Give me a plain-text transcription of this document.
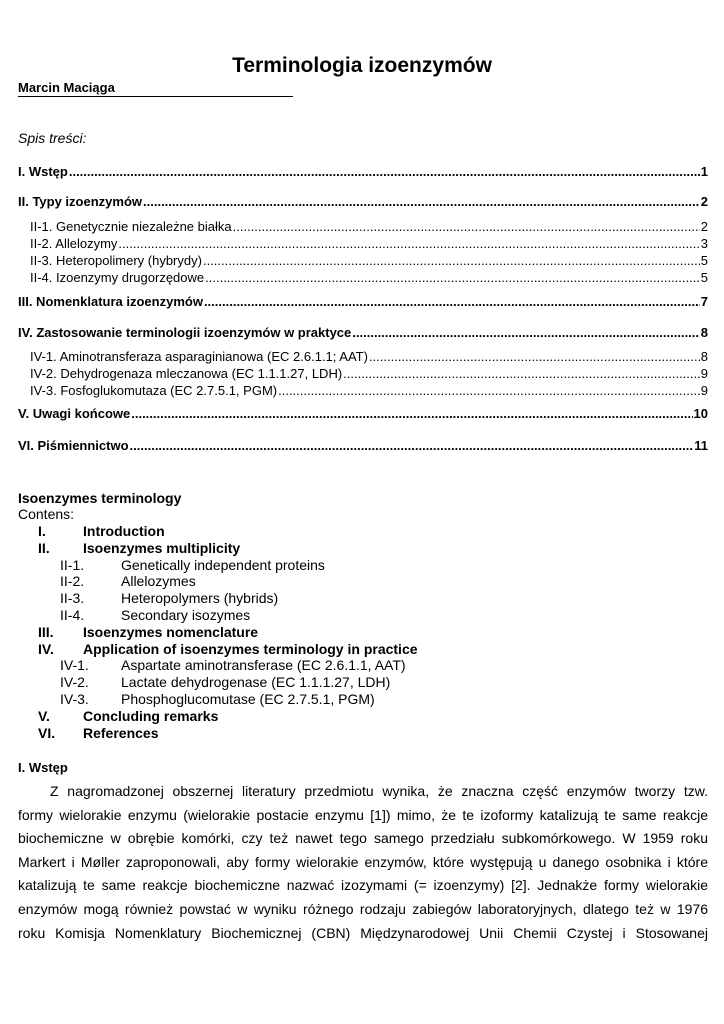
Terminologia izoenzymów
Marcin Maciąga
Spis treści:
I. Wstęp .....	1
II. Typy izoenzymów .....	2
II-1. Genetycznie niezależne białka .....	2
II-2. Allelozymy .....	3
II-3. Heteropolimery (hybrydy) .....	5
II-4. Izoenzymy drugorzędowe .....	5
III. Nomenklatura izoenzymów .....	7
IV. Zastosowanie terminologii izoenzymów w praktyce .....	8
IV-1. Aminotransferaza asparaginianowa (EC 2.6.1.1; AAT) .....	8
IV-2. Dehydrogenaza mleczanowa (EC 1.1.1.27, LDH) .....	9
IV-3. Fosfoglukomutaza (EC 2.7.5.1, PGM) .....	9
V. Uwagi końcowe .....	10
VI. Piśmiennictwo .....	11
Isoenzymes terminology
Contens:
I.	Introduction
II. Isoenzymes multiplicity
II-1.	Genetically independent proteins
II-2.	Allelozymes
II-3.	Heteropolymers (hybrids)
II-4.	Secondary isozymes
III. Isoenzymes nomenclature
IV. Application of isoenzymes terminology in practice
IV-1. Aspartate aminotransferase (EC 2.6.1.1, AAT)
IV-2. Lactate dehydrogenase (EC 1.1.1.27, LDH)
IV-3. Phosphoglucomutase (EC 2.7.5.1, PGM)
V. Concluding remarks
VI. References
I. Wstęp
Z nagromadzonej obszernej literatury przedmiotu wynika, że znaczna część enzymów tworzy tzw.
formy wielorakie enzymu (wielorakie postacie enzymu [1]) mimo, że te izoformy katalizują te same reakcje
biochemiczne w obrębie komórki, czy też nawet tego samego przedziału subkomórkowego. W 1959 roku
Markert i Møller zaproponowali, aby formy wielorakie enzymów, które występują u danego osobnika i które
katalizują te same reakcje biochemiczne nazwać izozymami (= izoenzymy) [2]. Jednakże formy wielorakie
enzymów mogą również powstać w wyniku różnego rodzaju zabiegów laboratoryjnych, dlatego też w 1976
roku Komisja Nomenklatury Biochemicznej (CBN) Międzynarodowej Unii Chemii Czystej i Stosowanej
